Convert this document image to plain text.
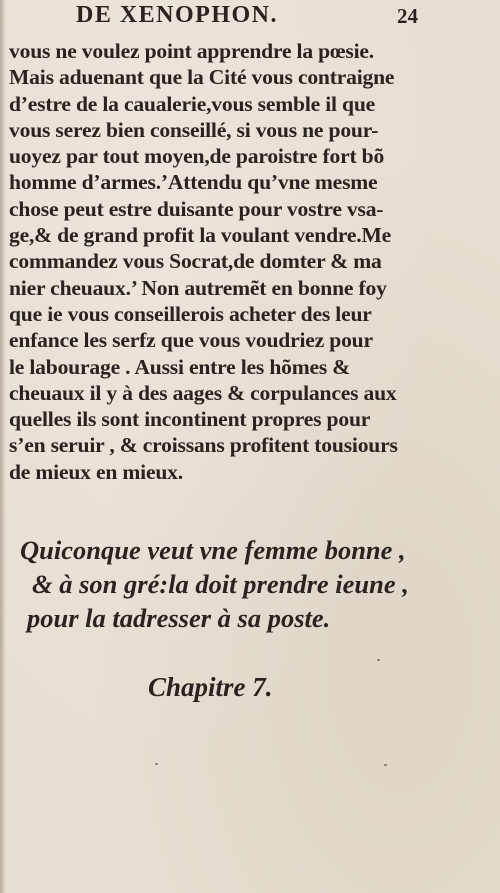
DE XENOPHON.	24
vous ne voulez point apprendre la pœsie.
Mais aduenant que la Cité vous contraigne
d’estre de la caualerie,vous semble il que
vous serez bien conseillé, si vous ne pour-
uoyez par tout moyen,de paroistre fort bõ
homme d’armes.’Attendu qu’vne mesme
chose peut estre duisante pour vostre vsa-
ge,& de grand profit la voulant vendre.Me
commandez vous Socrat,de domter & ma
nier cheuaux.’ Non autremẽt en bonne foy
que ie vous conseillerois acheter des leur
enfance les serfz que vous voudriez pour
le labourage . Aussi entre les hõmes &
cheuaux il y à des aages & corpulances aux
quelles ils sont incontinent propres pour
s’en seruir , & croissans profitent tousiours
de mieux en mieux.
Quiconque veut vne femme bonne ,
& à son gré:la doit prendre ieune ,
pour la tadresser à sa poste.
Chapitre 7.
